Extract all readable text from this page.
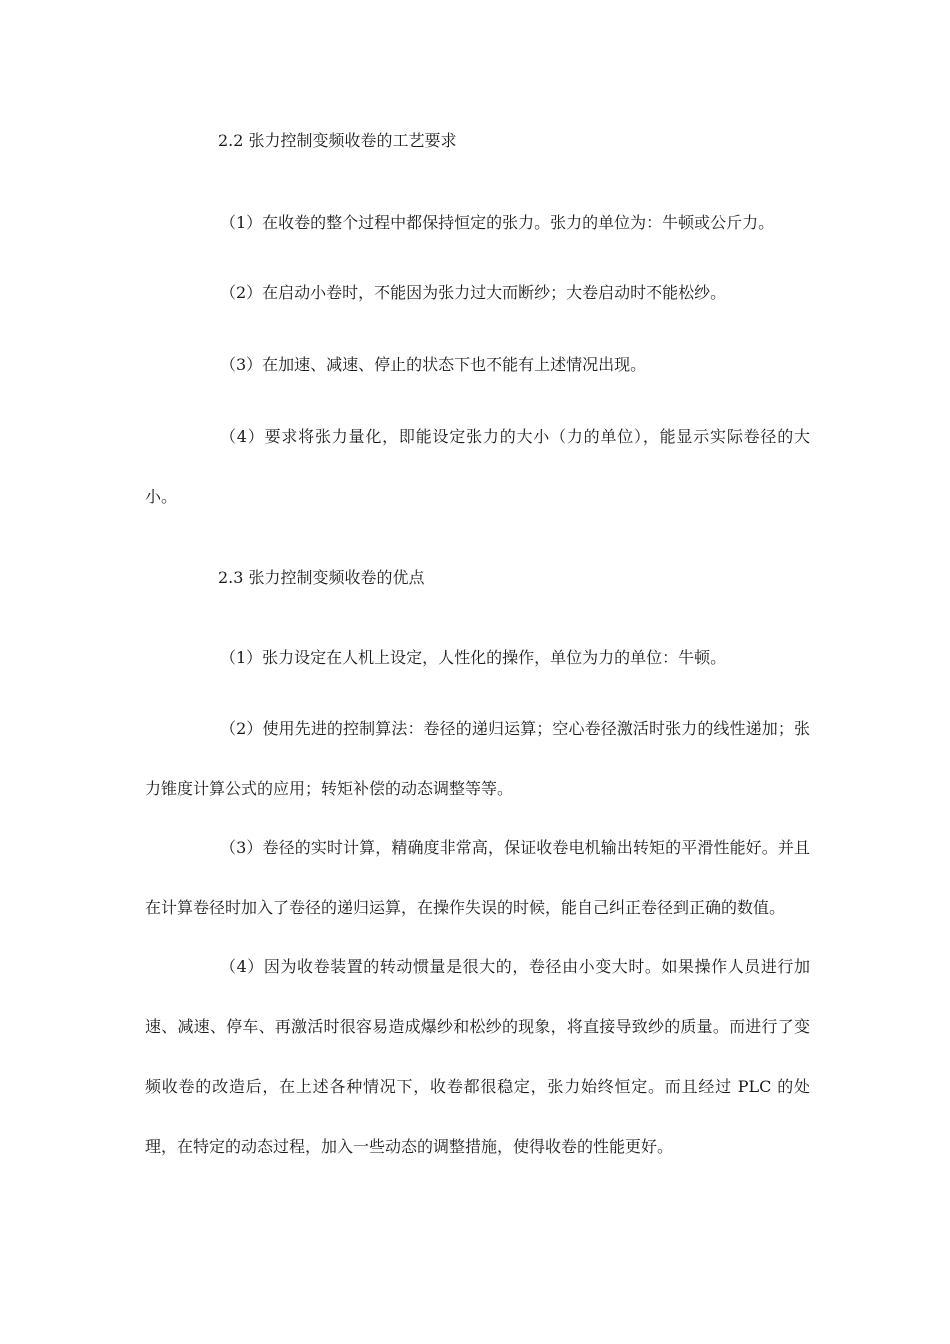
2.2 张力控制变频收卷的工艺要求
（1）在收卷的整个过程中都保持恒定的张力。张力的单位为：牛顿或公斤力。
（2）在启动小卷时，不能因为张力过大而断纱；大卷启动时不能松纱。
（3）在加速、减速、停止的状态下也不能有上述情况出现。
（4）要求将张力量化，即能设定张力的大小（力的单位），能显示实际卷径的大小。
2.3 张力控制变频收卷的优点
（1）张力设定在人机上设定，人性化的操作，单位为力的单位：牛顿。
（2）使用先进的控制算法：卷径的递归运算；空心卷径激活时张力的线性递加；张力锥度计算公式的应用；转矩补偿的动态调整等等。
（3）卷径的实时计算，精确度非常高，保证收卷电机输出转矩的平滑性能好。并且在计算卷径时加入了卷径的递归运算，在操作失误的时候，能自己纠正卷径到正确的数值。
（4）因为收卷装置的转动惯量是很大的，卷径由小变大时。如果操作人员进行加速、减速、停车、再激活时很容易造成爆纱和松纱的现象，将直接导致纱的质量。而进行了变频收卷的改造后，在上述各种情况下，收卷都很稳定，张力始终恒定。而且经过 PLC 的处理，在特定的动态过程，加入一些动态的调整措施，使得收卷的性能更好。
